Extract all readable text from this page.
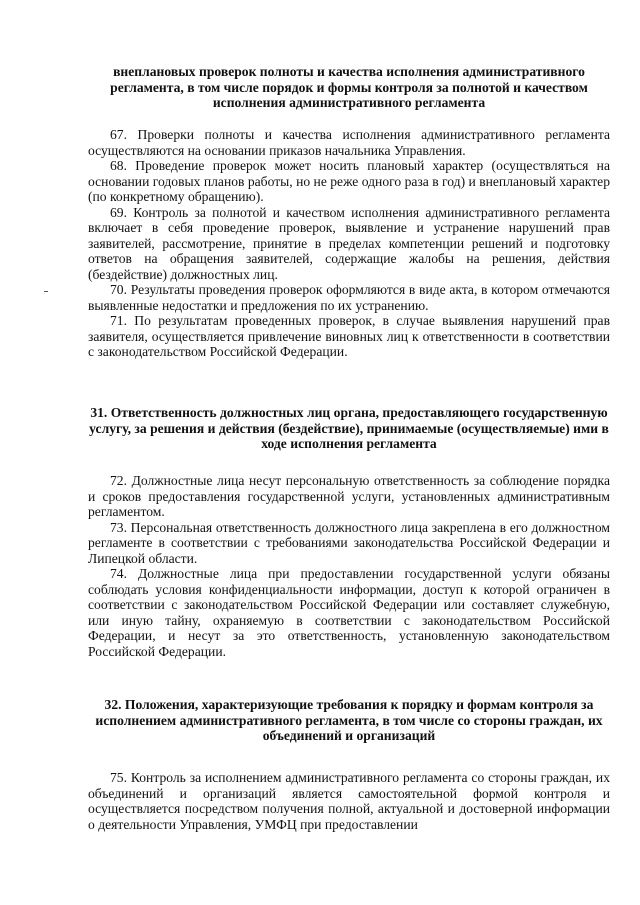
внеплановых проверок полноты и качества исполнения административного регламента, в том числе порядок и формы контроля за полнотой и качеством исполнения административного регламента

67. Проверки полноты и качества исполнения административного регламента осуществляются на основании приказов начальника Управления.

68. Проведение проверок может носить плановый характер (осуществляться на основании годовых планов работы, но не реже одного раза в год) и внеплановый характер (по конкретному обращению).

69. Контроль за полнотой и качеством исполнения административного регламента включает в себя проведение проверок, выявление и устранение нарушений прав заявителей, рассмотрение, принятие в пределах компетенции решений и подготовку ответов на обращения заявителей, содержащие жалобы на решения, действия (бездействие) должностных лиц.

70. Результаты проведения проверок оформляются в виде акта, в котором отмечаются выявленные недостатки и предложения по их устранению.

71. По результатам проведенных проверок, в случае выявления нарушений прав заявителя, осуществляется привлечение виновных лиц к ответственности в соответствии с законодательством Российской Федерации.

31. Ответственность должностных лиц органа, предоставляющего государственную услугу, за решения и действия (бездействие), принимаемые (осуществляемые) ими в ходе исполнения регламента

72. Должностные лица несут персональную ответственность за соблюдение порядка и сроков предоставления государственной услуги, установленных административным регламентом.

73. Персональная ответственность должностного лица закреплена в его должностном регламенте в соответствии с требованиями законодательства Российской Федерации и Липецкой области.

74. Должностные лица при предоставлении государственной услуги обязаны соблюдать условия конфиденциальности информации, доступ к которой ограничен в соответствии с законодательством Российской Федерации или составляет служебную, или иную тайну, охраняемую в соответствии с законодательством Российской Федерации, и несут за это ответственность, установленную законодательством Российской Федерации.

32. Положения, характеризующие требования к порядку и формам контроля за исполнением административного регламента, в том числе со стороны граждан, их объединений и организаций

75. Контроль за исполнением административного регламента со стороны граждан, их объединений и организаций является самостоятельной формой контроля и осуществляется посредством получения полной, актуальной и достоверной информации о деятельности Управления, УМФЦ при предоставлении
